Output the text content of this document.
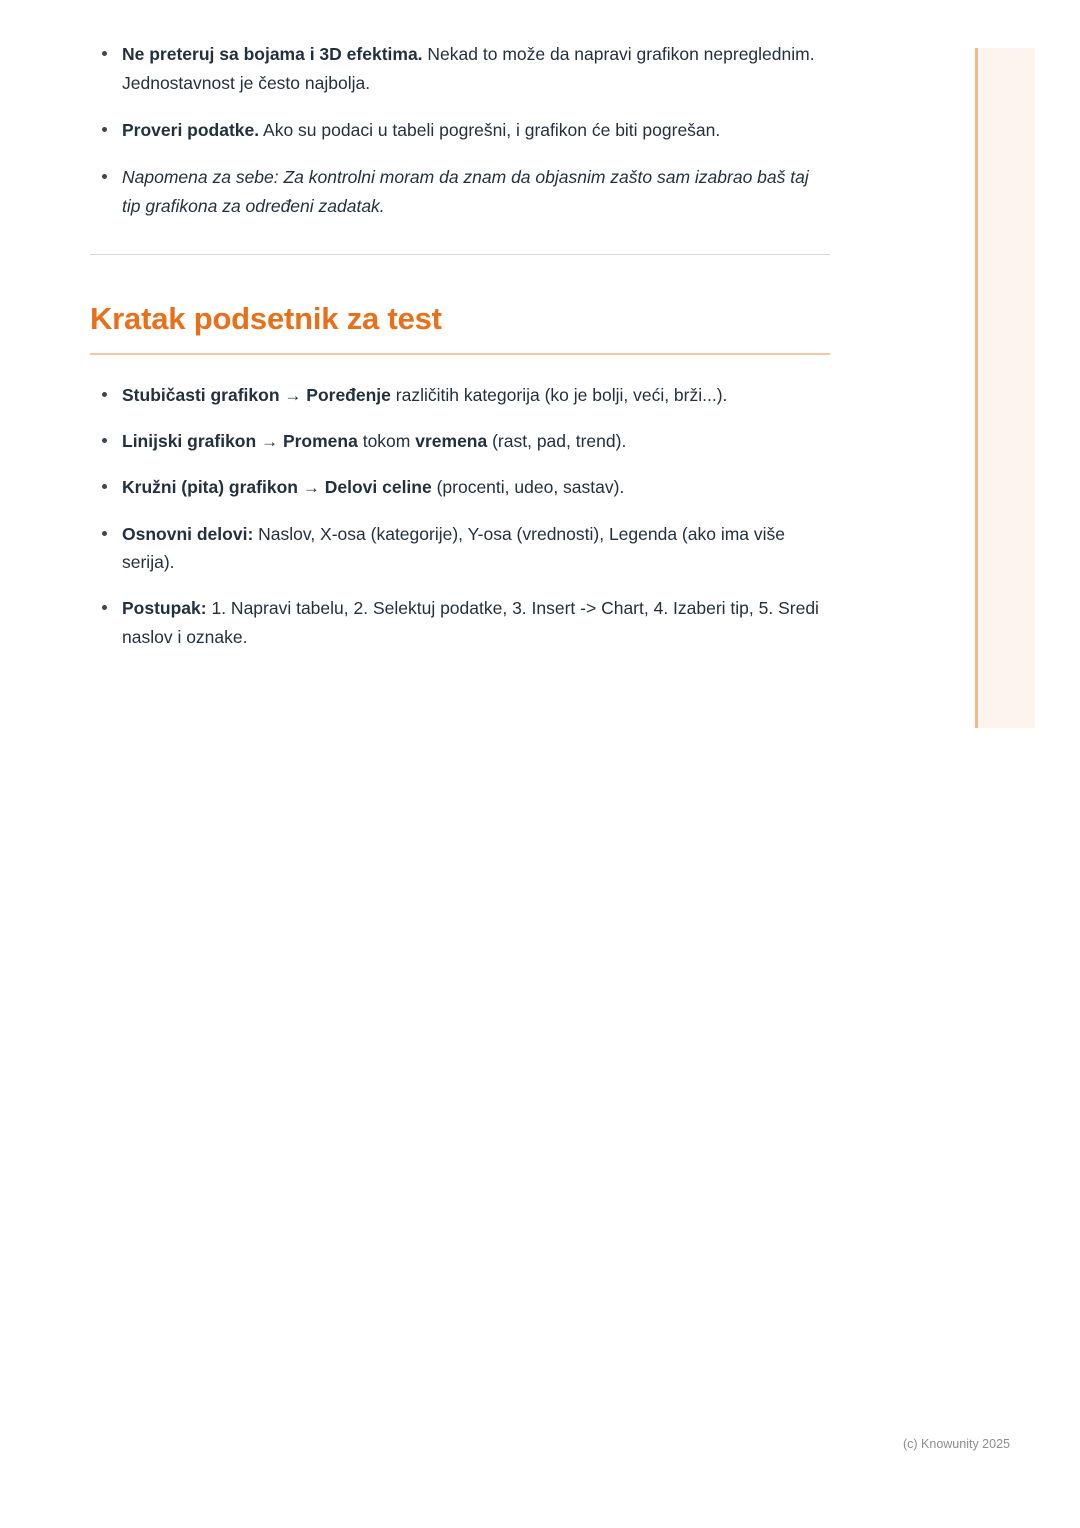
Ne preteruj sa bojama i 3D efektima. Nekad to može da napravi grafikon nepreglednim. Jednostavnost je često najbolja.
Proveri podatke. Ako su podaci u tabeli pogrešni, i grafikon će biti pogrešan.
Napomena za sebe: Za kontrolni moram da znam da objasnim zašto sam izabrao baš taj tip grafikona za određeni zadatak.
Kratak podsetnik za test
Stubičasti grafikon → Poređenje različitih kategorija (ko je bolji, veći, brži...).
Linijski grafikon → Promena tokom vremena (rast, pad, trend).
Kružni (pita) grafikon → Delovi celine (procenti, udeo, sastav).
Osnovni delovi: Naslov, X-osa (kategorije), Y-osa (vrednosti), Legenda (ako ima više serija).
Postupak: 1. Napravi tabelu, 2. Selektuj podatke, 3. Insert -> Chart, 4. Izaberi tip, 5. Sredi naslov i oznake.
(c) Knowunity 2025
